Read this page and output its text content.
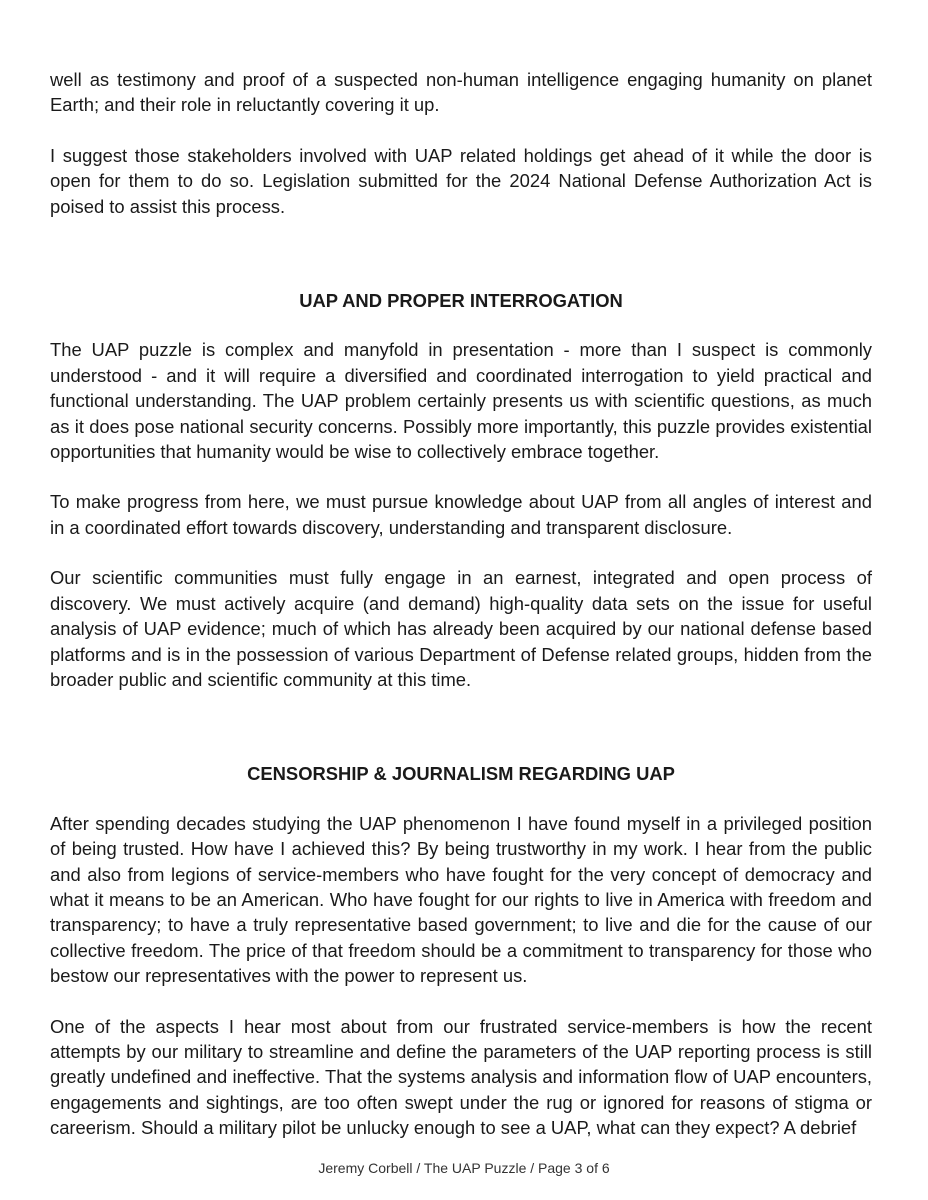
well as testimony and proof of a suspected non-human intelligence engaging humanity on planet Earth; and their role in reluctantly covering it up.

I suggest those stakeholders involved with UAP related holdings get ahead of it while the door is open for them to do so. Legislation submitted for the 2024 National Defense Authorization Act is poised to assist this process.

UAP AND PROPER INTERROGATION

The UAP puzzle is complex and manyfold in presentation - more than I suspect is commonly understood - and it will require a diversified and coordinated interrogation to yield practical and functional understanding. The UAP problem certainly presents us with scientific questions, as much as it does pose national security concerns. Possibly more importantly, this puzzle provides existential opportunities that humanity would be wise to collectively embrace together.

To make progress from here, we must pursue knowledge about UAP from all angles of interest and in a coordinated effort towards discovery, understanding and transparent disclosure.

Our scientific communities must fully engage in an earnest, integrated and open process of discovery. We must actively acquire (and demand) high-quality data sets on the issue for useful analysis of UAP evidence; much of which has already been acquired by our national defense based platforms and is in the possession of various Department of Defense related groups, hidden from the broader public and scientific community at this time.

CENSORSHIP & JOURNALISM REGARDING UAP

After spending decades studying the UAP phenomenon I have found myself in a privileged position of being trusted. How have I achieved this? By being trustworthy in my work. I hear from the public and also from legions of service-members who have fought for the very concept of democracy and what it means to be an American. Who have fought for our rights to live in America with freedom and transparency; to have a truly representative based government; to live and die for the cause of our collective freedom. The price of that freedom should be a commitment to transparency for those who bestow our representatives with the power to represent us.

One of the aspects I hear most about from our frustrated service-members is how the recent attempts by our military to streamline and define the parameters of the UAP reporting process is still greatly undefined and ineffective. That the systems analysis and information flow of UAP encounters, engagements and sightings, are too often swept under the rug or ignored for reasons of stigma or careerism. Should a military pilot be unlucky enough to see a UAP, what can they expect? A debrief

Jeremy Corbell / The UAP Puzzle / Page 3 of 6
